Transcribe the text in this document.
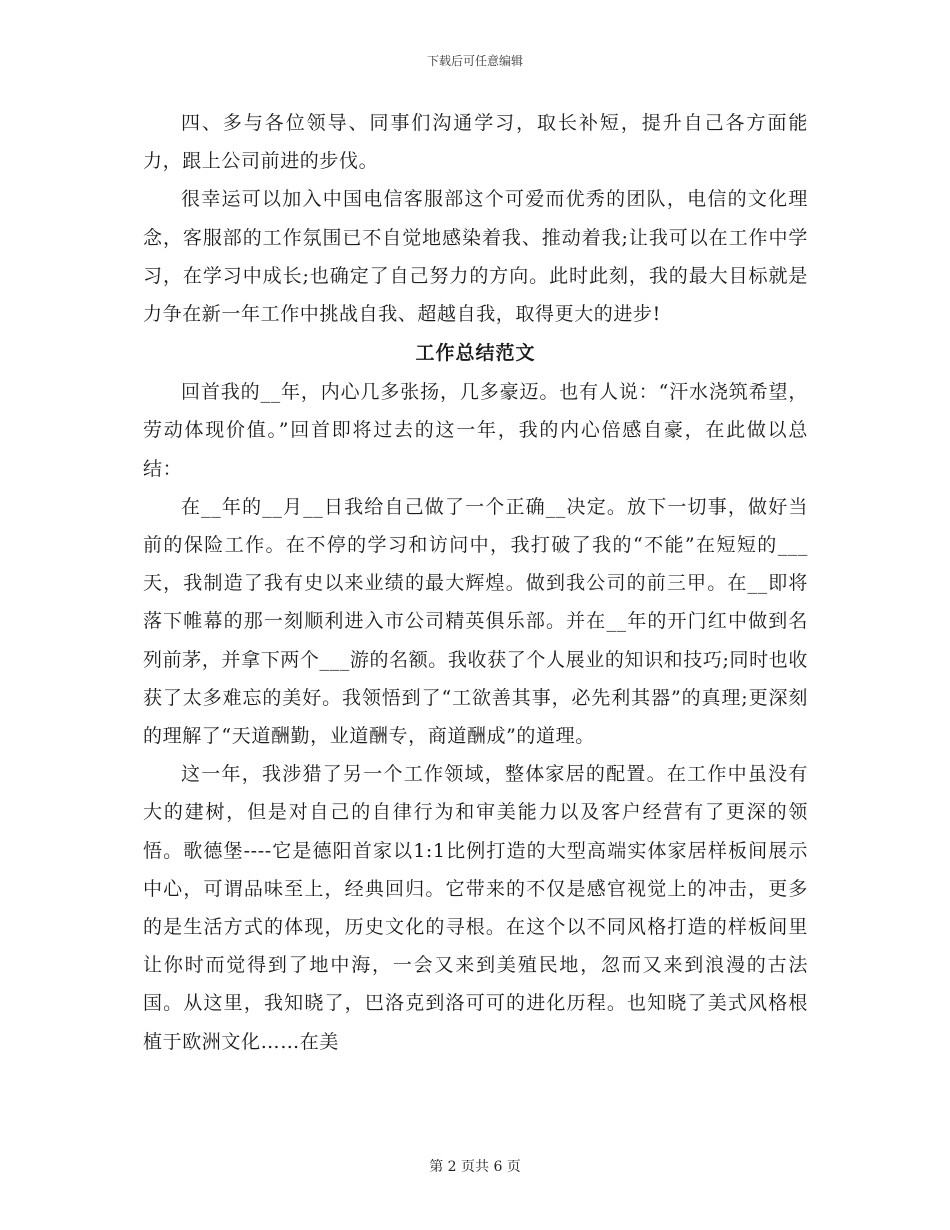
下载后可任意编辑

四、多与各位领导、同事们沟通学习，取长补短，提升自己各方面能力，跟上公司前进的步伐。

很幸运可以加入中国电信客服部这个可爱而优秀的团队，电信的文化理念，客服部的工作氛围已不自觉地感染着我、推动着我;让我可以在工作中学习，在学习中成长;也确定了自己努力的方向。此时此刻，我的最大目标就是力争在新一年工作中挑战自我、超越自我，取得更大的进步!

工作总结范文

回首我的__年，内心几多张扬，几多豪迈。也有人说：“汗水浇筑希望，劳动体现价值。”回首即将过去的这一年，我的内心倍感自豪，在此做以总结：

在__年的__月__日我给自己做了一个正确__决定。放下一切事，做好当前的保险工作。在不停的学习和访问中，我打破了我的“不能”在短短的___天，我制造了我有史以来业绩的最大辉煌。做到我公司的前三甲。在__即将落下帷幕的那一刻顺利进入市公司精英俱乐部。并在__年的开门红中做到名列前茅，并拿下两个___游的名额。我收获了个人展业的知识和技巧;同时也收获了太多难忘的美好。我领悟到了“工欲善其事，必先利其器”的真理;更深刻的理解了“天道酬勤，业道酬专，商道酬成”的道理。

这一年，我涉猎了另一个工作领域，整体家居的配置。在工作中虽没有大的建树，但是对自己的自律行为和审美能力以及客户经营有了更深的领悟。歌德堡----它是德阳首家以1:1比例打造的大型高端实体家居样板间展示中心，可谓品味至上，经典回归。它带来的不仅是感官视觉上的冲击，更多的是生活方式的体现，历史文化的寻根。在这个以不同风格打造的样板间里让你时而觉得到了地中海，一会又来到美殖民地，忽而又来到浪漫的古法国。从这里，我知晓了，巴洛克到洛可可的进化历程。也知晓了美式风格根植于欧洲文化……在美

第 2 页共 6 页
